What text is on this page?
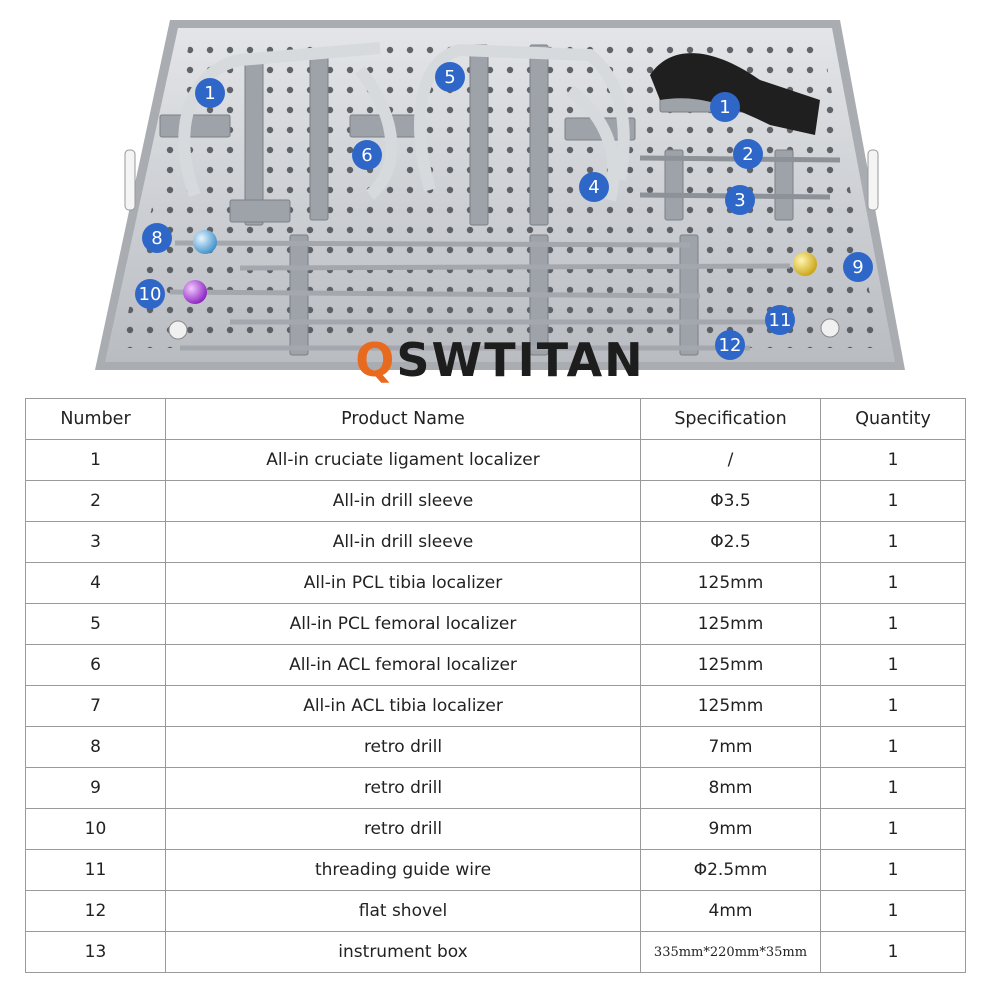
1
5
1
6	2
4
3
8
9
10
11
12
QSWTITAN
Number	Product Name	Specification	Quantity
1	All-in cruciate ligament localizer	/	1
2	All-in drill sleeve	Φ3.5	1
3	All-in drill sleeve	Φ2.5	1
4	All-in PCL tibia localizer	125mm	1
5	All-in PCL femoral localizer	125mm	1
6	All-in ACL femoral localizer	125mm	1
7	All-in ACL tibia localizer	125mm	1
8	retro drill	7mm	1
9	retro drill	8mm	1
10	retro drill	9mm	1
11	threading guide wire	Φ2.5mm	1
12	flat shovel	4mm	1
13	instrument box	335mm*220mm*35mm	1
